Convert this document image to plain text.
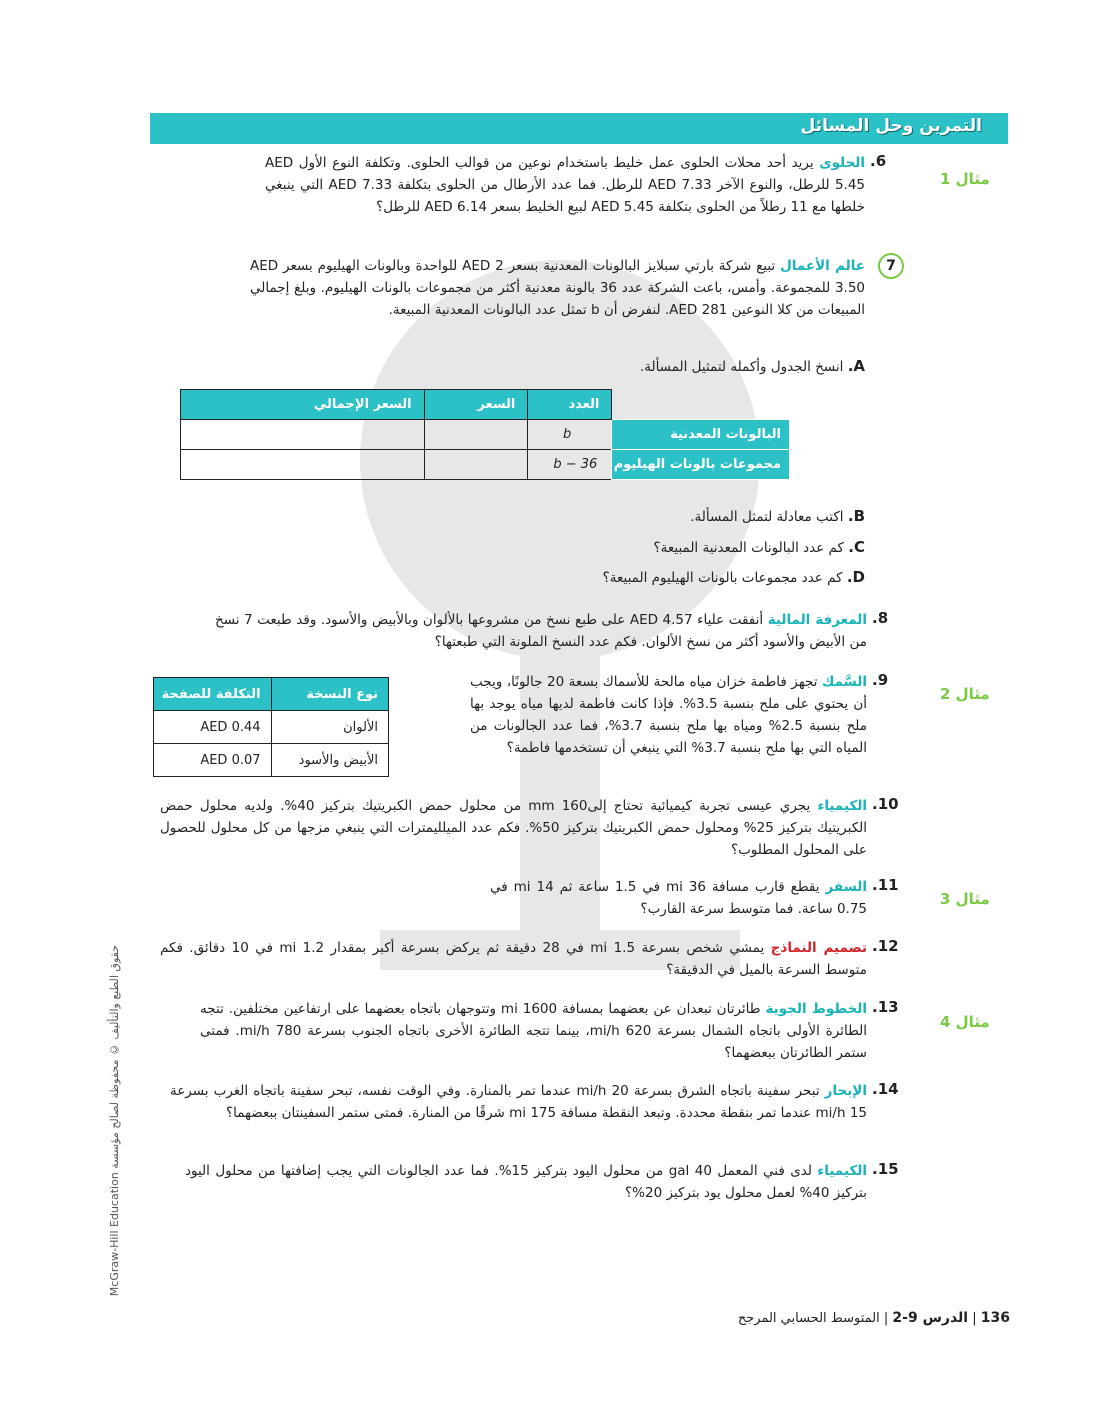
التمرين وحل المسائل
مثال 1
مثال 2
مثال 3
مثال 4
6.
الحلوى يريد أحد محلات الحلوى عمل خليط باستخدام نوعين من قوالب الحلوى. وتكلفة النوع الأول AED 5.45 للرطل، والنوع الآخر AED 7.33 للرطل. فما عدد الأرطال من الحلوى بتكلفة AED 7.33 التي ينبغي خلطها مع 11 رطلاً من الحلوى بتكلفة AED 5.45 لبيع الخليط بسعر AED 6.14 للرطل؟
7
عالم الأعمال تبيع شركة بارتي سبلايز البالونات المعدنية بسعر AED 2 للواحدة وبالونات الهيليوم بسعر AED 3.50 للمجموعة. وأمس، باعت الشركة عدد 36 بالونة معدنية أكثر من مجموعات بالونات الهيليوم. وبلغ إجمالي المبيعات من كلا النوعين AED 281. لنفرض أن b تمثل عدد البالونات المعدنية المبيعة.
A. انسخ الجدول وأكمله لتمثيل المسألة.
	العدد	السعر	السعر الإجمالي
البالونات المعدنية	b		
مجموعات بالونات الهيليوم	b − 36		
B. اكتب معادلة لتمثل المسألة.
C. كم عدد البالونات المعدنية المبيعة؟
D. كم عدد مجموعات بالونات الهيليوم المبيعة؟
8.
المعرفة المالية أنفقت علياء AED 4.57 على طبع نسخ من مشروعها بالألوان وبالأبيض والأسود. وقد طبعت 7 نسخ من الأبيض والأسود أكثر من نسخ الألوان. فكم عدد النسخ الملونة التي طبعتها؟
9.
السَّمك تجهز فاطمة خزان مياه مالحة للأسماك بسعة 20 جالونًا، ويجب أن يحتوي على ملح بنسبة 3.5%. فإذا كانت فاطمة لديها مياه يوجد بها ملح بنسبة 2.5% ومياه بها ملح بنسبة 3.7%، فما عدد الجالونات من المياه التي بها ملح بنسبة 3.7% التي ينبغي أن تستخدمها فاطمة؟
نوع النسخة	التكلفة للصفحة
الألوان	AED 0.44
الأبيض والأسود	AED 0.07
10.
الكيمياء يجري عيسى تجربة كيميائية تحتاج إلى160 mm من محلول حمض الكبريتيك بتركيز 40%. ولديه محلول حمض الكبريتيك بتركيز 25% ومحلول حمض الكبريتيك بتركيز 50%. فكم عدد الميلليمترات التي ينبغي مزجها من كل محلول للحصول على المحلول المطلوب؟
11.
السفر يقطع قارب مسافة 36 mi في 1.5 ساعة ثم 14 mi في 0.75 ساعة. فما متوسط سرعة القارب؟
12.
تصميم النماذج يمشي شخص بسرعة 1.5 mi في 28 دقيقة ثم يركض بسرعة أكبر بمقدار 1.2 mi في 10 دقائق. فكم متوسط السرعة بالميل في الدقيقة؟
13.
الخطوط الجوية طائرتان تبعدان عن بعضهما بمسافة 1600 mi وتتوجهان باتجاه بعضهما على ارتفاعين مختلفين. تتجه الطائرة الأولى باتجاه الشمال بسرعة 620 mi/h، بينما تتجه الطائرة الأخرى باتجاه الجنوب بسرعة 780 mi/h. فمتى ستمر الطائرتان ببعضهما؟
14.
الإبحار تبحر سفينة باتجاه الشرق بسرعة 20 mi/h عندما تمر بالمنارة. وفي الوقت نفسه، تبحر سفينة باتجاه الغرب بسرعة 15 mi/h عندما تمر بنقطة محددة. وتبعد النقطة مسافة 175 mi شرقًا من المنارة. فمتى ستمر السفينتان ببعضهما؟
15.
الكيمياء لدى فني المعمل 40 gal من محلول اليود بتركيز 15%. فما عدد الجالونات التي يجب إضافتها من محلول اليود بتركيز 40% لعمل محلول يود بتركيز 20%؟
حقوق الطبع والتأليف © محفوظة لصالح مؤسسة McGraw-Hill Education
136 | الدرس 9-2 | المتوسط الحسابي المرجح
